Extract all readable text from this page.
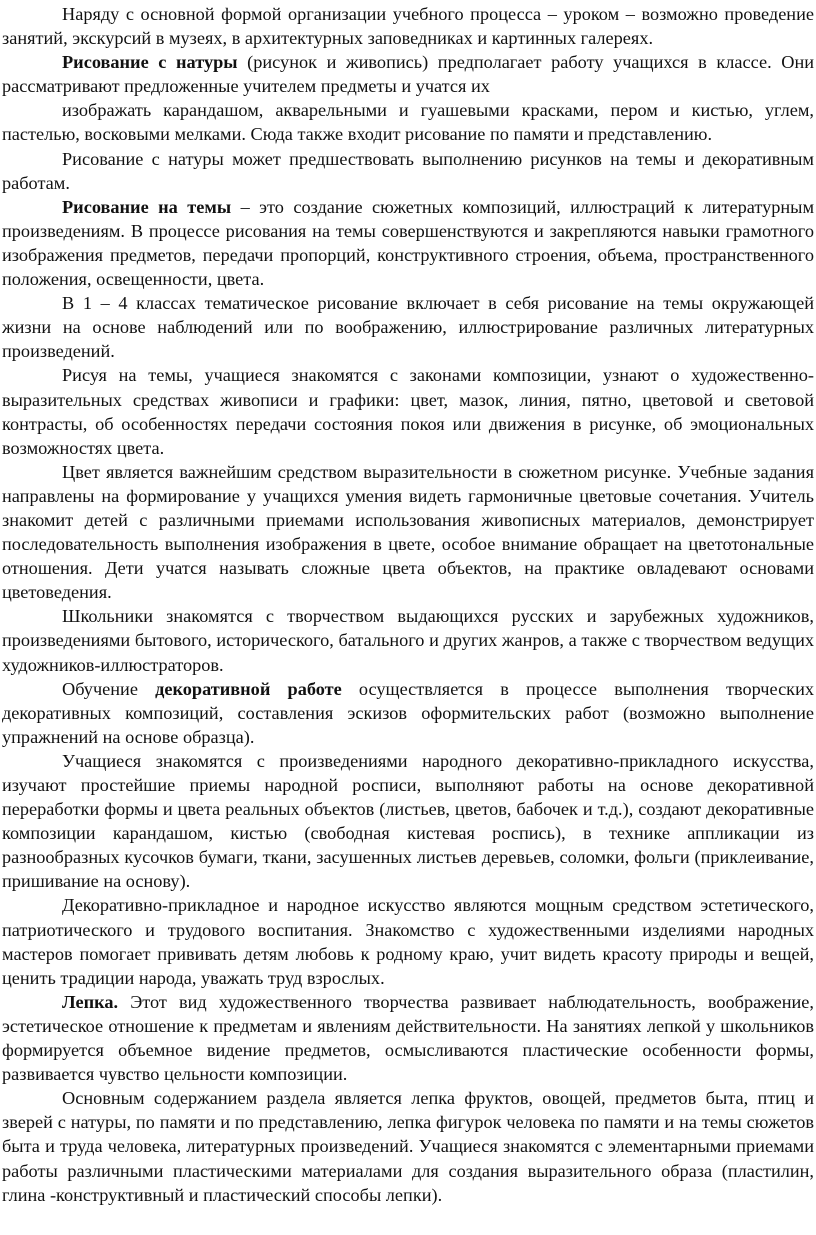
Наряду с основной формой организации учебного процесса – уроком – возможно проведение занятий, экскурсий в музеях, в архитектурных заповедниках и картинных галереях.

Рисование с натуры (рисунок и живопись) предполагает работу учащихся в классе. Они рассматривают предложенные учителем предметы и учатся их

изображать карандашом, акварельными и гуашевыми красками, пером и кистью, углем, пастелью, восковыми мелками. Сюда также входит рисование по памяти и представлению.

Рисование с натуры может предшествовать выполнению рисунков на темы и декоративным работам.

Рисование на темы – это создание сюжетных композиций, иллюстраций к литературным произведениям. В процессе рисования на темы совершенствуются и закрепляются навыки грамотного изображения предметов, передачи пропорций, конструктивного строения, объема, пространственного положения, освещенности, цвета.

В 1 – 4 классах тематическое рисование включает в себя рисование на темы окружающей жизни на основе наблюдений или по воображению, иллюстрирование различных литературных произведений.

Рисуя на темы, учащиеся знакомятся с законами композиции, узнают о художественно-выразительных средствах живописи и графики: цвет, мазок, линия, пятно, цветовой и световой контрасты, об особенностях передачи состояния покоя или движения в рисунке, об эмоциональных возможностях цвета.

Цвет является важнейшим средством выразительности в сюжетном рисунке. Учебные задания направлены на формирование у учащихся умения видеть гармоничные цветовые сочетания. Учитель знакомит детей с различными приемами использования живописных материалов, демонстрирует последовательность выполнения изображения в цвете, особое внимание обращает на цветотональные отношения. Дети учатся называть сложные цвета объектов, на практике овладевают основами цветоведения.

Школьники знакомятся с творчеством выдающихся русских и зарубежных художников, произведениями бытового, исторического, батального и других жанров, а также с творчеством ведущих художников-иллюстраторов.

Обучение декоративной работе осуществляется в процессе выполнения творческих декоративных композиций, составления эскизов оформительских работ (возможно выполнение упражнений на основе образца).

Учащиеся знакомятся с произведениями народного декоративно-прикладного искусства, изучают простейшие приемы народной росписи, выполняют работы на основе декоративной переработки формы и цвета реальных объектов (листьев, цветов, бабочек и т.д.), создают декоративные композиции карандашом, кистью (свободная кистевая роспись), в технике аппликации из разнообразных кусочков бумаги, ткани, засушенных листьев деревьев, соломки, фольги (приклеивание, пришивание на основу).

Декоративно-прикладное и народное искусство являются мощным средством эстетического, патриотического и трудового воспитания. Знакомство с художественными изделиями народных мастеров помогает прививать детям любовь к родному краю, учит видеть красоту природы и вещей, ценить традиции народа, уважать труд взрослых.

Лепка. Этот вид художественного творчества развивает наблюдательность, воображение, эстетическое отношение к предметам и явлениям действительности. На занятиях лепкой у школьников формируется объемное видение предметов, осмысливаются пластические особенности формы, развивается чувство цельности композиции.

Основным содержанием раздела является лепка фруктов, овощей, предметов быта, птиц и зверей с натуры, по памяти и по представлению, лепка фигурок человека по памяти и на темы сюжетов быта и труда человека, литературных произведений. Учащиеся знакомятся с элементарными приемами работы различными пластическими материалами для создания выразительного образа (пластилин, глина -конструктивный и пластический способы лепки).
